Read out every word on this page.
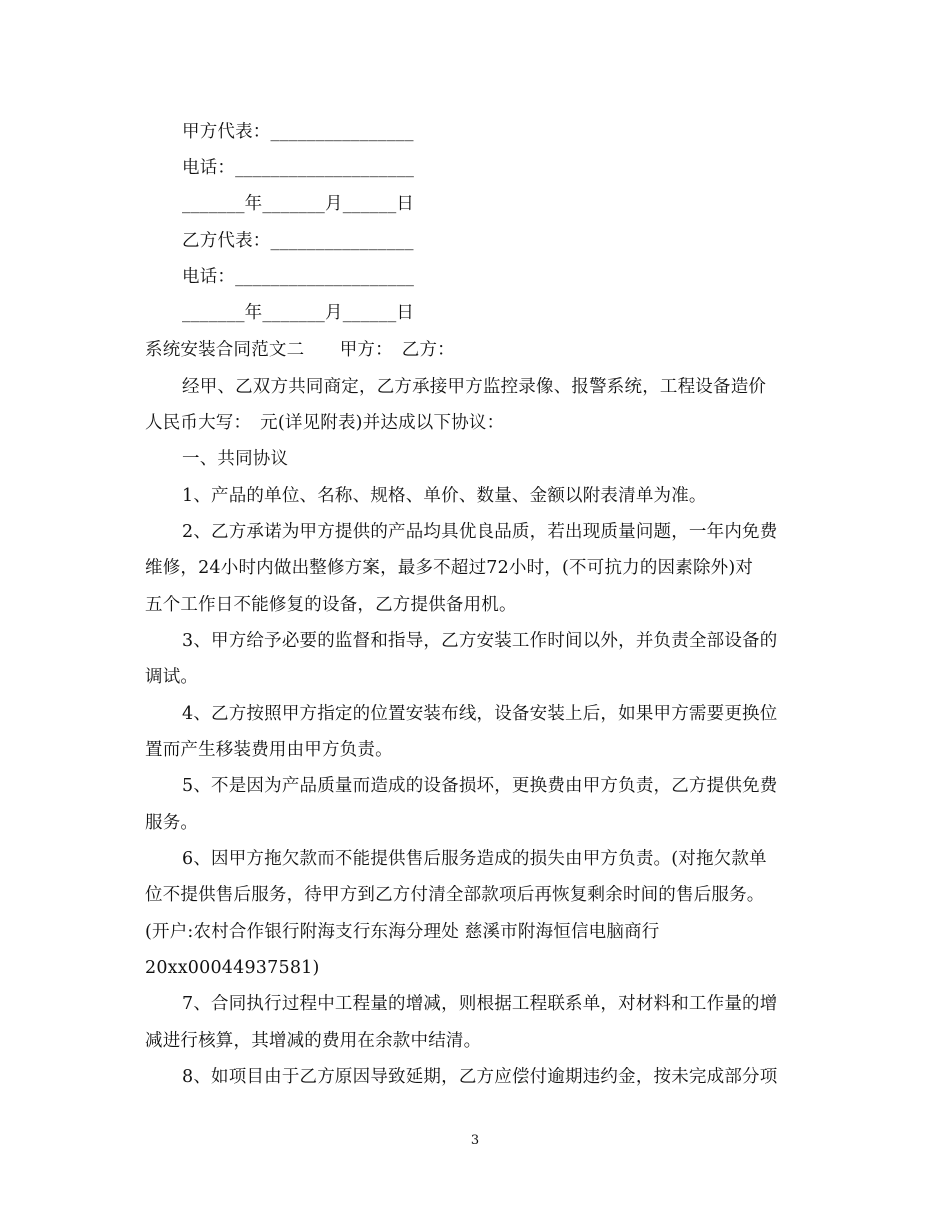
甲方代表：________________
电话：____________________
_______年_______月______日
乙方代表：________________
电话：____________________
_______年_______月______日
系统安装合同范文二　　甲方：　乙方：
经甲、乙双方共同商定，乙方承接甲方监控录像、报警系统，工程设备造价
人民币大写：　元(详见附表)并达成以下协议：
一、共同协议
1、产品的单位、名称、规格、单价、数量、金额以附表清单为准。
2、乙方承诺为甲方提供的产品均具优良品质，若出现质量问题，一年内免费
维修，24小时内做出整修方案，最多不超过72小时，(不可抗力的因素除外)对
五个工作日不能修复的设备，乙方提供备用机。
3、甲方给予必要的监督和指导，乙方安装工作时间以外，并负责全部设备的
调试。
4、乙方按照甲方指定的位置安装布线，设备安装上后，如果甲方需要更换位
置而产生移装费用由甲方负责。
5、不是因为产品质量而造成的设备损坏，更换费由甲方负责，乙方提供免费
服务。
6、因甲方拖欠款而不能提供售后服务造成的损失由甲方负责。(对拖欠款单
位不提供售后服务，待甲方到乙方付清全部款项后再恢复剩余时间的售后服务。
(开户:农村合作银行附海支行东海分理处 慈溪市附海恒信电脑商行
20xx00044937581)
7、合同执行过程中工程量的增减，则根据工程联系单，对材料和工作量的增
减进行核算，其增减的费用在余款中结清。
8、如项目由于乙方原因导致延期，乙方应偿付逾期违约金，按未完成部分项
3
